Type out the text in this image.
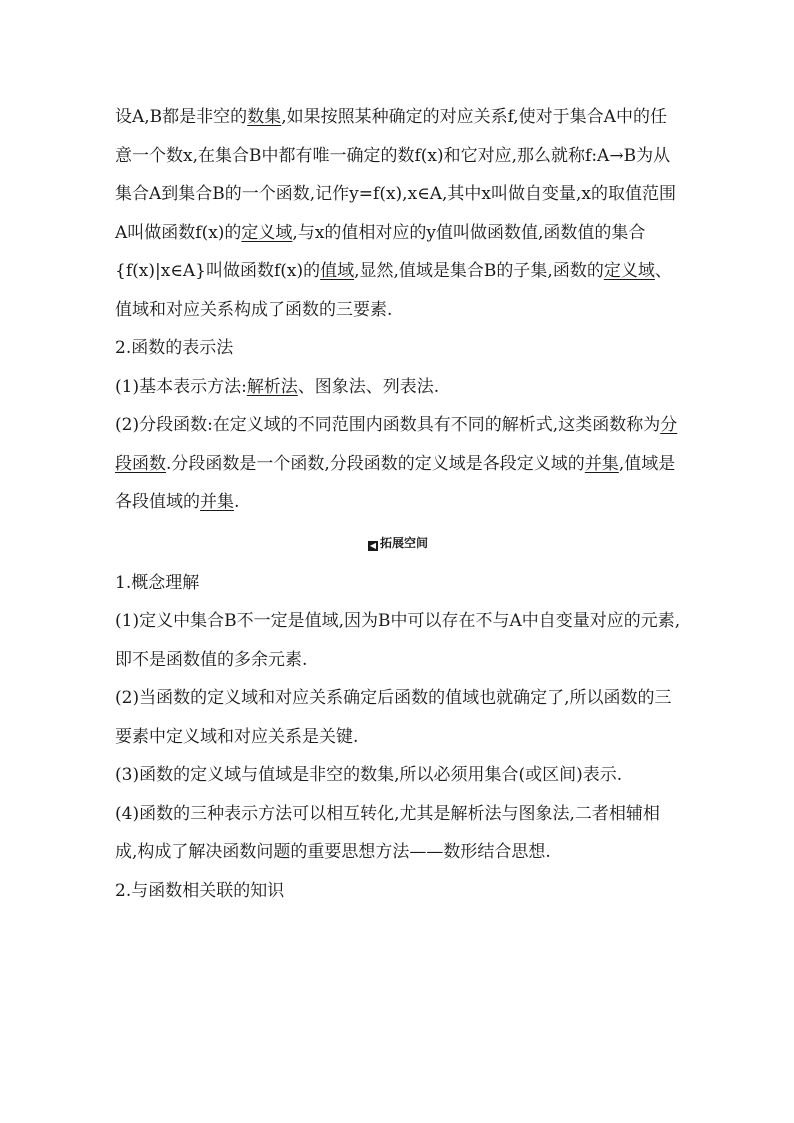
设A,B都是非空的数集,如果按照某种确定的对应关系f,使对于集合A中的任意一个数x,在集合B中都有唯一确定的数f(x)和它对应,那么就称f:A→B为从集合A到集合B的一个函数,记作y=f(x),x∈A,其中x叫做自变量,x的取值范围A叫做函数f(x)的定义域,与x的值相对应的y值叫做函数值,函数值的集合{f(x)|x∈A}叫做函数f(x)的值域,显然,值域是集合B的子集,函数的定义域、值域和对应关系构成了函数的三要素.

2.函数的表示法

(1)基本表示方法:解析法、图象法、列表法.

(2)分段函数:在定义域的不同范围内函数具有不同的解析式,这类函数称为分段函数.分段函数是一个函数,分段函数的定义域是各段定义域的并集,值域是各段值域的并集.

◀ 拓展空间

1.概念理解

(1)定义中集合B不一定是值域,因为B中可以存在不与A中自变量对应的元素,即不是函数值的多余元素.

(2)当函数的定义域和对应关系确定后函数的值域也就确定了,所以函数的三要素中定义域和对应关系是关键.

(3)函数的定义域与值域是非空的数集,所以必须用集合(或区间)表示.

(4)函数的三种表示方法可以相互转化,尤其是解析法与图象法,二者相辅相成,构成了解决函数问题的重要思想方法——数形结合思想.

2.与函数相关联的知识
